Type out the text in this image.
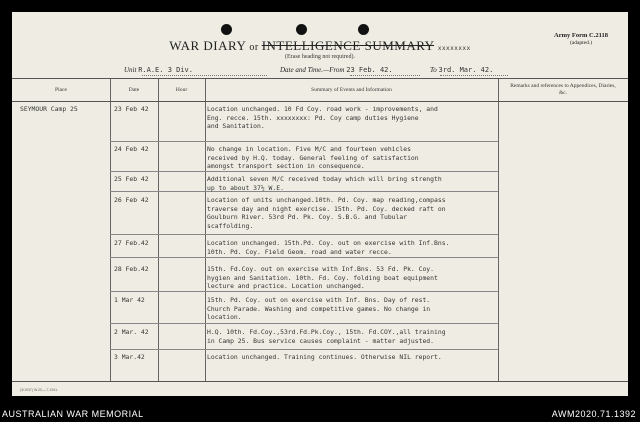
WAR DIARY or INTELLIGENCE SUMMARY xxxxxxxx
(Erase heading not required).
Army Form C.2118
(adapted.)
Unit R.A.E. 3 Div.	Date and Time.—From 23 Feb. 42.	To 3rd. Mar. 42.
Place	Date	Hour	Summary of Events and Information
Remarks and references to Appendices, Diaries, &c.
SEYMOUR Camp 25	23 Feb 42	Location unchanged. 10 Fd Coy. road work - improvements, and
Eng. recce. 15th. xxxxxxxx: Pd. Coy camp duties Hygiene
and Sanitation.
24 Feb 42	No change in location. Five M/C and fourteen vehicles
received by H.Q. today. General feeling of satisfaction
amongst transport section in consequence.
25 Feb 42	Additional seven M/C received today which will bring strength
up to about 37½ W.E.
26 Feb 42	Location of units unchanged.10th. Pd. Coy. map reading,compass
traverse day and night exercise. 15th. Pd. Coy. decked raft on
Goulburn River. 53rd Pd. Pk. Coy. S.B.G. and Tubular
scaffolding.
27 Feb.42	Location unchanged. 15th.Pd. Coy. out on exercise with Inf.Bns.
10th. Pd. Coy. Field Geom. road and water recce.
28 Feb.42	15th. Fd.Coy. out on exercise with Inf.Bns. 53 Fd. Pk. Coy.
hygien and Sanitation. 10th. Fd. Coy. folding boat equipment
lecture and practice. Location unchanged.
1 Mar 42	15th. Pd. Coy. out on exercise with Inf. Bns. Day of rest.
Church Parade. Washing and competitive games. No change in
location.
2 Mar. 42	H.Q. 10th. Fd.Coy.,53rd.Fd.Pk.Coy., 15th. Fd.COY.,all training
in Camp 25. Bus service causes complaint - matter adjusted.
3 Mar.42	Location unchanged. Training continues. Otherwise NIL report.
(3/1937) W.20,—7,1941.
AUSTRALIAN WAR MEMORIAL	AWM2020.71.1392
